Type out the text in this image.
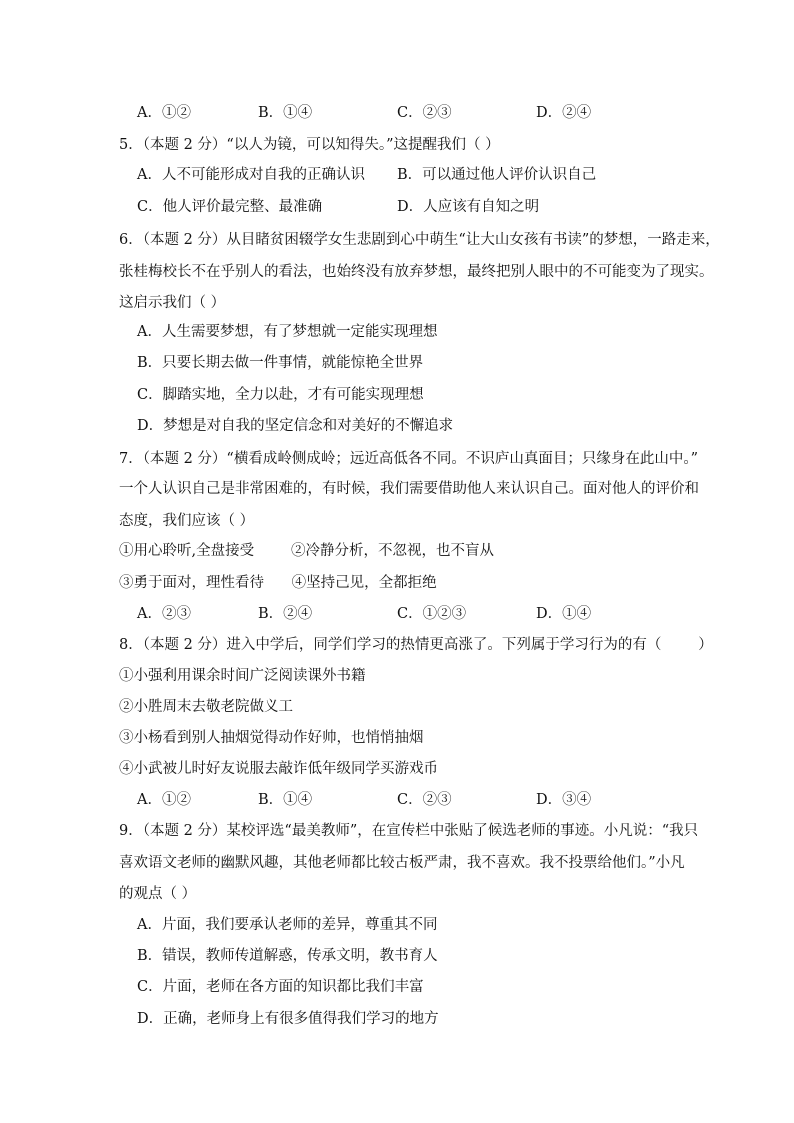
A．①②	B．①④	C．②③	D．②④
5．（本题 2 分）“以人为镜，可以知得失。”这提醒我们（ ）
A．人不可能形成对自我的正确认识 B．可以通过他人评价认识自己
C．他人评价最完整、最准确	D．人应该有自知之明
6．（本题 2 分）从目睹贫困辍学女生悲剧到心中萌生“让大山女孩有书读”的梦想，一路走来，
张桂梅校长不在乎别人的看法，也始终没有放弃梦想，最终把别人眼中的不可能变为了现实。
这启示我们（ ）
A．人生需要梦想，有了梦想就一定能实现理想
B．只要长期去做一件事情，就能惊艳全世界
C．脚踏实地，全力以赴，才有可能实现理想
D．梦想是对自我的坚定信念和对美好的不懈追求
7．（本题 2 分）“横看成岭侧成岭；远近高低各不同。不识庐山真面目；只缘身在此山中。”
一个人认识自己是非常困难的，有时候，我们需要借助他人来认识自己。面对他人的评价和
态度，我们应该（ ）
①用心聆听,全盘接受        ②冷静分析，不忽视，也不盲从
③勇于面对，理性看待      ④坚持己见，全都拒绝
A．②③	B．②④	C．①②③	D．①④
8．（本题 2 分）进入中学后，同学们学习的热情更高涨了。下列属于学习行为的有（        ）
①小强利用课余时间广泛阅读课外书籍
②小胜周末去敬老院做义工
③小杨看到别人抽烟觉得动作好帅，也悄悄抽烟
④小武被儿时好友说服去敲诈低年级同学买游戏币
A．①②	B．①④	C．②③	D．③④
9．（本题 2 分）某校评选“最美教师”，在宣传栏中张贴了候选老师的事迹。小凡说：“我只
喜欢语文老师的幽默风趣，其他老师都比较古板严肃，我不喜欢。我不投票给他们。”小凡
的观点（ ）
A．片面，我们要承认老师的差异，尊重其不同
B．错误，教师传道解惑，传承文明，教书育人
C．片面，老师在各方面的知识都比我们丰富
D．正确，老师身上有很多值得我们学习的地方
